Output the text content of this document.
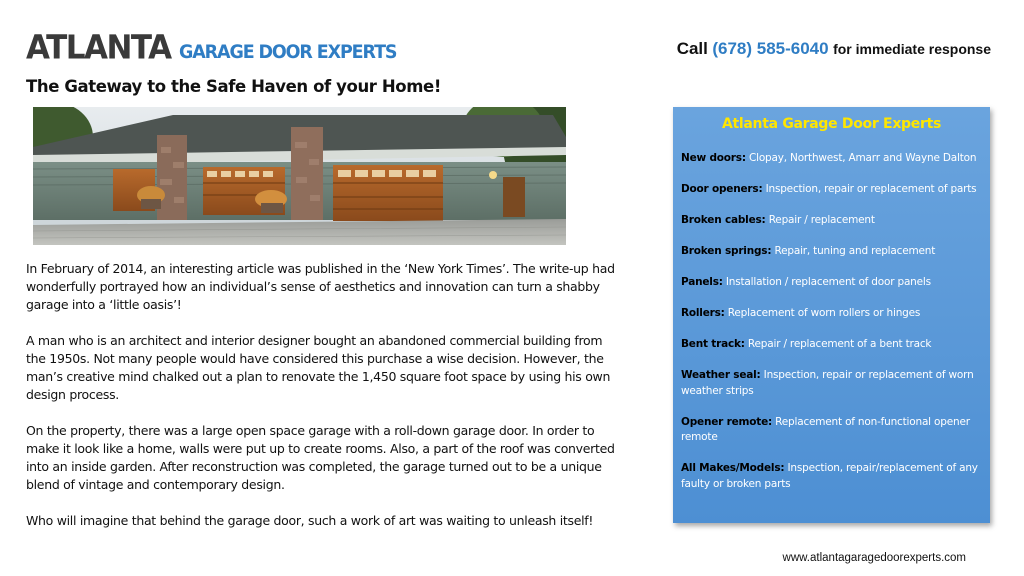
ATLANTA GARAGE DOOR EXPERTS	Call (678) 585-6040 for immediate response
The Gateway to the Safe Haven of your Home!

In February of 2014, an interesting article was published in the ‘New York Times’. The write-up had wonderfully portrayed how an individual’s sense of aesthetics and innovation can turn a shabby garage into a ‘little oasis’!

A man who is an architect and interior designer bought an abandoned commercial building from the 1950s. Not many people would have considered this purchase a wise decision. However, the man’s creative mind chalked out a plan to renovate the 1,450 square foot space by using his own design process.

On the property, there was a large open space garage with a roll-down garage door. In order to make it look like a home, walls were put up to create rooms. Also, a part of the roof was converted into an inside garden. After reconstruction was completed, the garage turned out to be a unique blend of vintage and contemporary design.

Who will imagine that behind the garage door, such a work of art was waiting to unleash itself!

Atlanta Garage Door Experts
New doors: Clopay, Northwest, Amarr and Wayne Dalton
Door openers: Inspection, repair or replacement of parts
Broken cables: Repair / replacement
Broken springs: Repair, tuning and replacement
Panels: Installation / replacement of door panels
Rollers: Replacement of worn rollers or hinges
Bent track: Repair / replacement of a bent track
Weather seal: Inspection, repair or replacement of worn weather strips
Opener remote: Replacement of non-functional opener remote
All Makes/Models: Inspection, repair/replacement of any faulty or broken parts
www.atlantagaragedoorexperts.com
